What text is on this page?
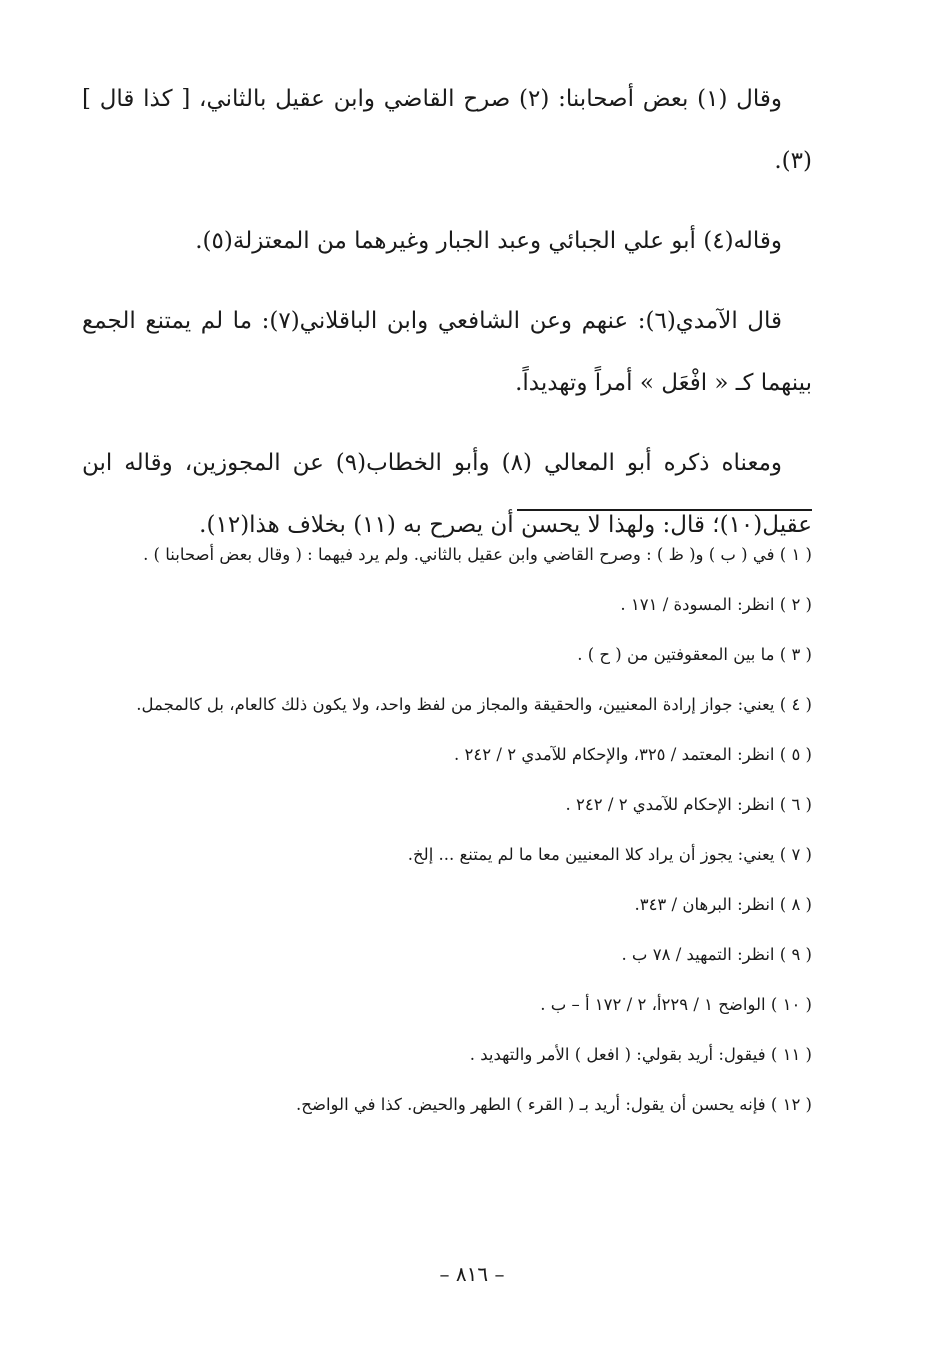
وقال (١) بعض أصحابنا: (٢) صرح القاضي وابن عقيل بالثاني، [ كذا قال ](٣).

وقاله(٤) أبو علي الجبائي وعبد الجبار وغيرهما من المعتزلة(٥).

قال الآمدي(٦): عنهم وعن الشافعي وابن الباقلاني(٧): ما لم يمتنع الجمع بينهما كـ « افْعَل » أمراً وتهديداً.

ومعناه ذكره أبو المعالي (٨) وأبو الخطاب(٩) عن المجوزين، وقاله ابن عقيل(١٠)؛ قال: ولهذا لا يحسن أن يصرح به (١١) بخلاف هذا(١٢).

( ١ ) في ( ب ) و( ظ ) : وصرح القاضي وابن عقيل بالثاني. ولم يرد فيهما : ( وقال بعض أصحابنا ) .

( ٢ ) انظر: المسودة / ١٧١ .

( ٣ ) ما بين المعقوفتين من ( ح ) .

( ٤ ) يعني: جواز إرادة المعنيين، والحقيقة والمجاز من لفظ واحد، ولا يكون ذلك كالعام، بل كالمجمل.

( ٥ ) انظر: المعتمد / ٣٢٥، والإحكام للآمدي ٢ / ٢٤٢ .

( ٦ ) انظر: الإحكام للآمدي ٢ / ٢٤٢ .

( ٧ ) يعني: يجوز أن يراد كلا المعنيين معا ما لم يمتنع ... إلخ.

( ٨ ) انظر: البرهان / ٣٤٣.

( ٩ ) انظر: التمهيد / ٧٨ ب .

( ١٠ ) الواضح ١ / ٢٢٩أ، ٢ / ١٧٢ أ – ب .

( ١١ ) فيقول: أريد بقولي: ( افعل ) الأمر والتهديد .

( ١٢ ) فإنه يحسن أن يقول: أريد بـ ( القرء ) الطهر والحيض. كذا في الواضح.

– ٨١٦ –
